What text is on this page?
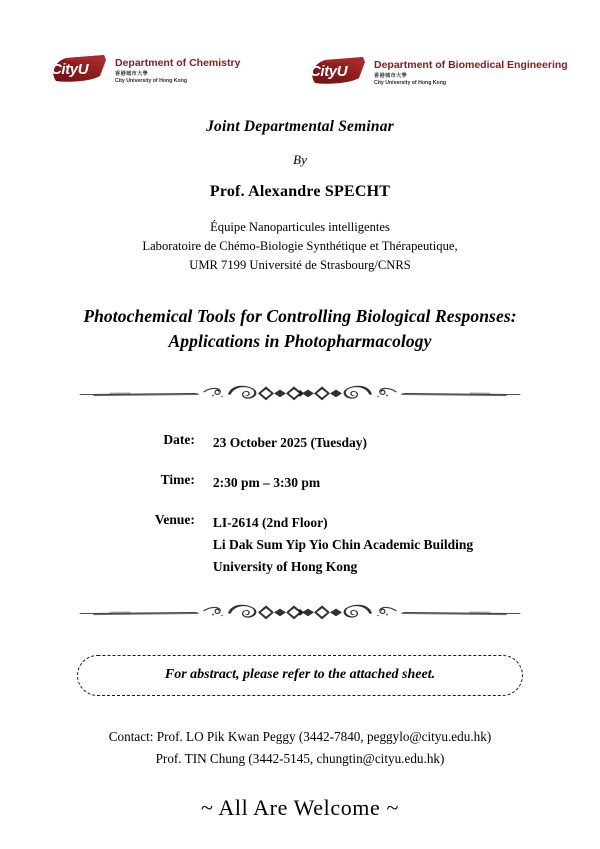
CityU	Department of Chemistry
香港城市大學
City University of Hong Kong
CityU	Department of Biomedical Engineering
香港城市大學
City University of Hong Kong
Joint Departmental Seminar
By
Prof. Alexandre SPECHT
Équipe Nanoparticules intelligentes
Laboratoire de Chémo-Biologie Synthétique et Thérapeutique,
UMR 7199 Université de Strasbourg/CNRS
Photochemical Tools for Controlling Biological Responses:
Applications in Photopharmacology
Date:	23 October 2025 (Tuesday)
Time:	2:30 pm – 3:30 pm
Venue:	LI-2614 (2nd Floor)
Li Dak Sum Yip Yio Chin Academic Building
University of Hong Kong
For abstract, please refer to the attached sheet.
Contact: Prof. LO Pik Kwan Peggy (3442-7840, peggylo@cityu.edu.hk)
Prof. TIN Chung (3442-5145, chungtin@cityu.edu.hk)
~ All Are Welcome ~
